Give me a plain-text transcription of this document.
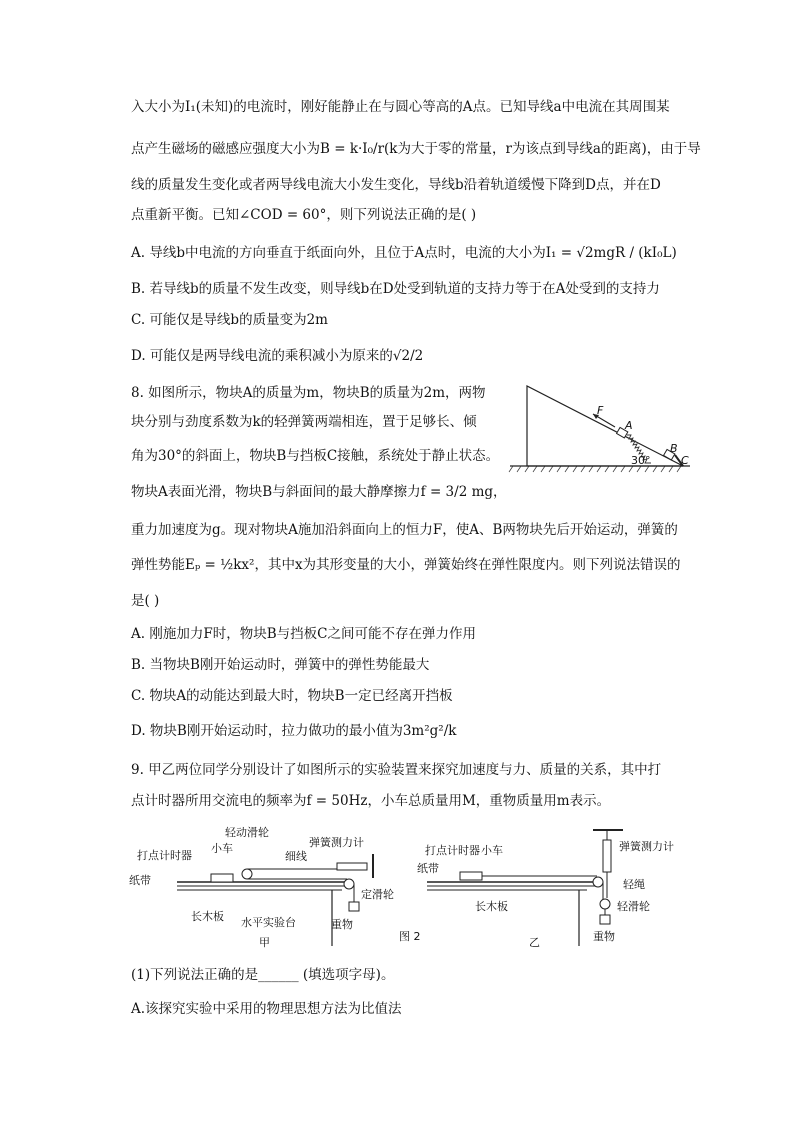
入大小为I₁(未知)的电流时，刚好能静止在与圆心等高的A点。已知导线a中电流在其周围某
点产生磁场的磁感应强度大小为B = k·I₀/r(k为大于零的常量，r为该点到导线a的距离)，由于导
线的质量发生变化或者两导线电流大小发生变化，导线b沿着轨道缓慢下降到D点，并在D
点重新平衡。已知∠COD = 60°，则下列说法正确的是( )
A. 导线b中电流的方向垂直于纸面向外，且位于A点时，电流的大小为I₁ = √2mgR / (kI₀L)
B. 若导线b的质量不发生改变，则导线b在D处受到轨道的支持力等于在A处受到的支持力
C. 可能仅是导线b的质量变为2m
D. 可能仅是两导线电流的乘积减小为原来的√2/2
8. 如图所示，物块A的质量为m，物块B的质量为2m，两物
块分别与劲度系数为k的轻弹簧两端相连，置于足够长、倾
角为30°的斜面上，物块B与挡板C接触，系统处于静止状态。
物块A表面光滑，物块B与斜面间的最大静摩擦力f = 3/2 mg，
重力加速度为g。现对物块A施加沿斜面向上的恒力F，使A、B两物块先后开始运动，弹簧的
弹性势能Eₚ = ½kx²，其中x为其形变量的大小，弹簧始终在弹性限度内。则下列说法错误的
是( )
A. 刚施加力F时，物块B与挡板C之间可能不存在弹力作用
B. 当物块B刚开始运动时，弹簧中的弹性势能最大
C. 物块A的动能达到最大时，物块B一定已经离开挡板
D. 物块B刚开始运动时，拉力做功的最小值为3m²g²/k
9. 甲乙两位同学分别设计了如图所示的实验装置来探究加速度与力、质量的关系，其中打
点计时器所用交流电的频率为f = 50Hz，小车总质量用M，重物质量用m表示。
(1)下列说法正确的是______ (填选项字母)。
A.该探究实验中采用的物理思想方法为比值法
F
A
B
C
30°
打点计时器
小车
轻动滑轮
弹簧测力计
细线
纸带
长木板 水平实验台
定滑轮
重物
甲	图 2
打点计时器 小车	弹簧测力计
纸带
轻绳
长木板	轻滑轮
重物
乙
